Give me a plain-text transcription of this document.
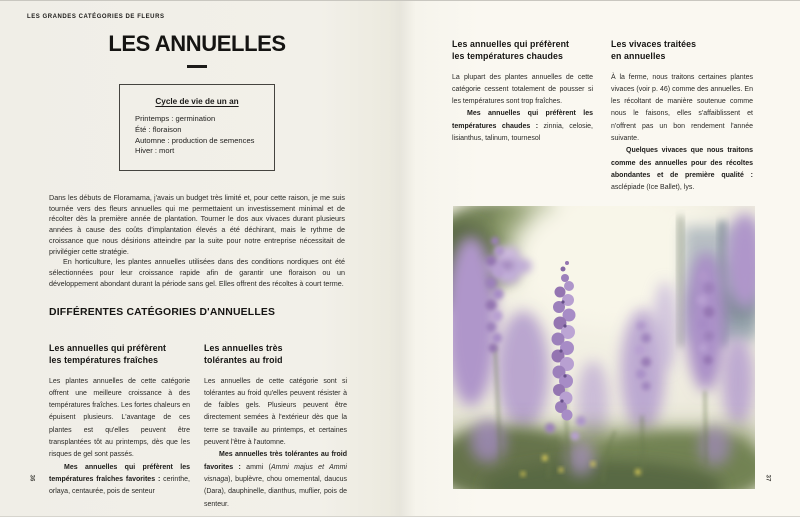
LES GRANDES CATÉGORIES DE FLEURS
LES ANNUELLES
Cycle de vie de un an
Printemps : germination
Été : floraison
Automne : production de semences
Hiver : mort

Dans les débuts de Floramama, j'avais un budget très limité et, pour cette raison, je me suis tournée vers des fleurs annuelles qui me permettaient un investissement minimal et de récolter dès la première année de plantation. Tourner le dos aux vivaces durant plusieurs années à cause des coûts d'implantation élevés a été déchirant, mais le rythme de croissance que nous désirions atteindre par la suite pour notre entreprise nécessitait de privilégier cette stratégie.

En horticulture, les plantes annuelles utilisées dans des conditions nordiques ont été sélectionnées pour leur croissance rapide afin de garantir une floraison ou un développement abondant durant la période sans gel. Elles offrent des récoltes à court terme.

DIFFÉRENTES CATÉGORIES D'ANNUELLES
Les annuelles qui préfèrent
les températures fraîches

Les plantes annuelles de cette catégorie offrent une meilleure croissance à des températures fraîches. Les fortes chaleurs en épuisent plusieurs. L'avantage de ces plantes est qu'elles peuvent être transplantées tôt au printemps, dès que les risques de gel sont passés.

Mes annuelles qui préfèrent les températures fraîches favorites : cerinthe, orlaya, centaurée, pois de senteur

Les annuelles très
tolérantes au froid

Les annuelles de cette catégorie sont si tolérantes au froid qu'elles peuvent résister à de faibles gels. Plusieurs peuvent être directement semées à l'extérieur dès que la terre se travaille au printemps, et certaines peuvent l'être à l'automne.

Mes annuelles très tolérantes au froid favorites : ammi (Ammi majus et Ammi visnaga), buplèvre, chou ornemental, daucus (Dara), dauphinelle, dianthus, muflier, pois de senteur.

Les annuelles qui préfèrent
les températures chaudes

La plupart des plantes annuelles de cette catégorie cessent totalement de pousser si les températures sont trop fraîches.

Mes annuelles qui préfèrent les températures chaudes : zinnia, celosie, lisianthus, talinum, tournesol

Les vivaces traitées
en annuelles

À la ferme, nous traitons certaines plantes vivaces (voir p. 46) comme des annuelles. En les récoltant de manière soutenue comme nous le faisons, elles s'affaiblissent et n'offrent pas un bon rendement l'année suivante.

Quelques vivaces que nous traitons comme des annuelles pour des récoltes abondantes et de première qualité : asclépiade (Ice Ballet), lys.

36	37
